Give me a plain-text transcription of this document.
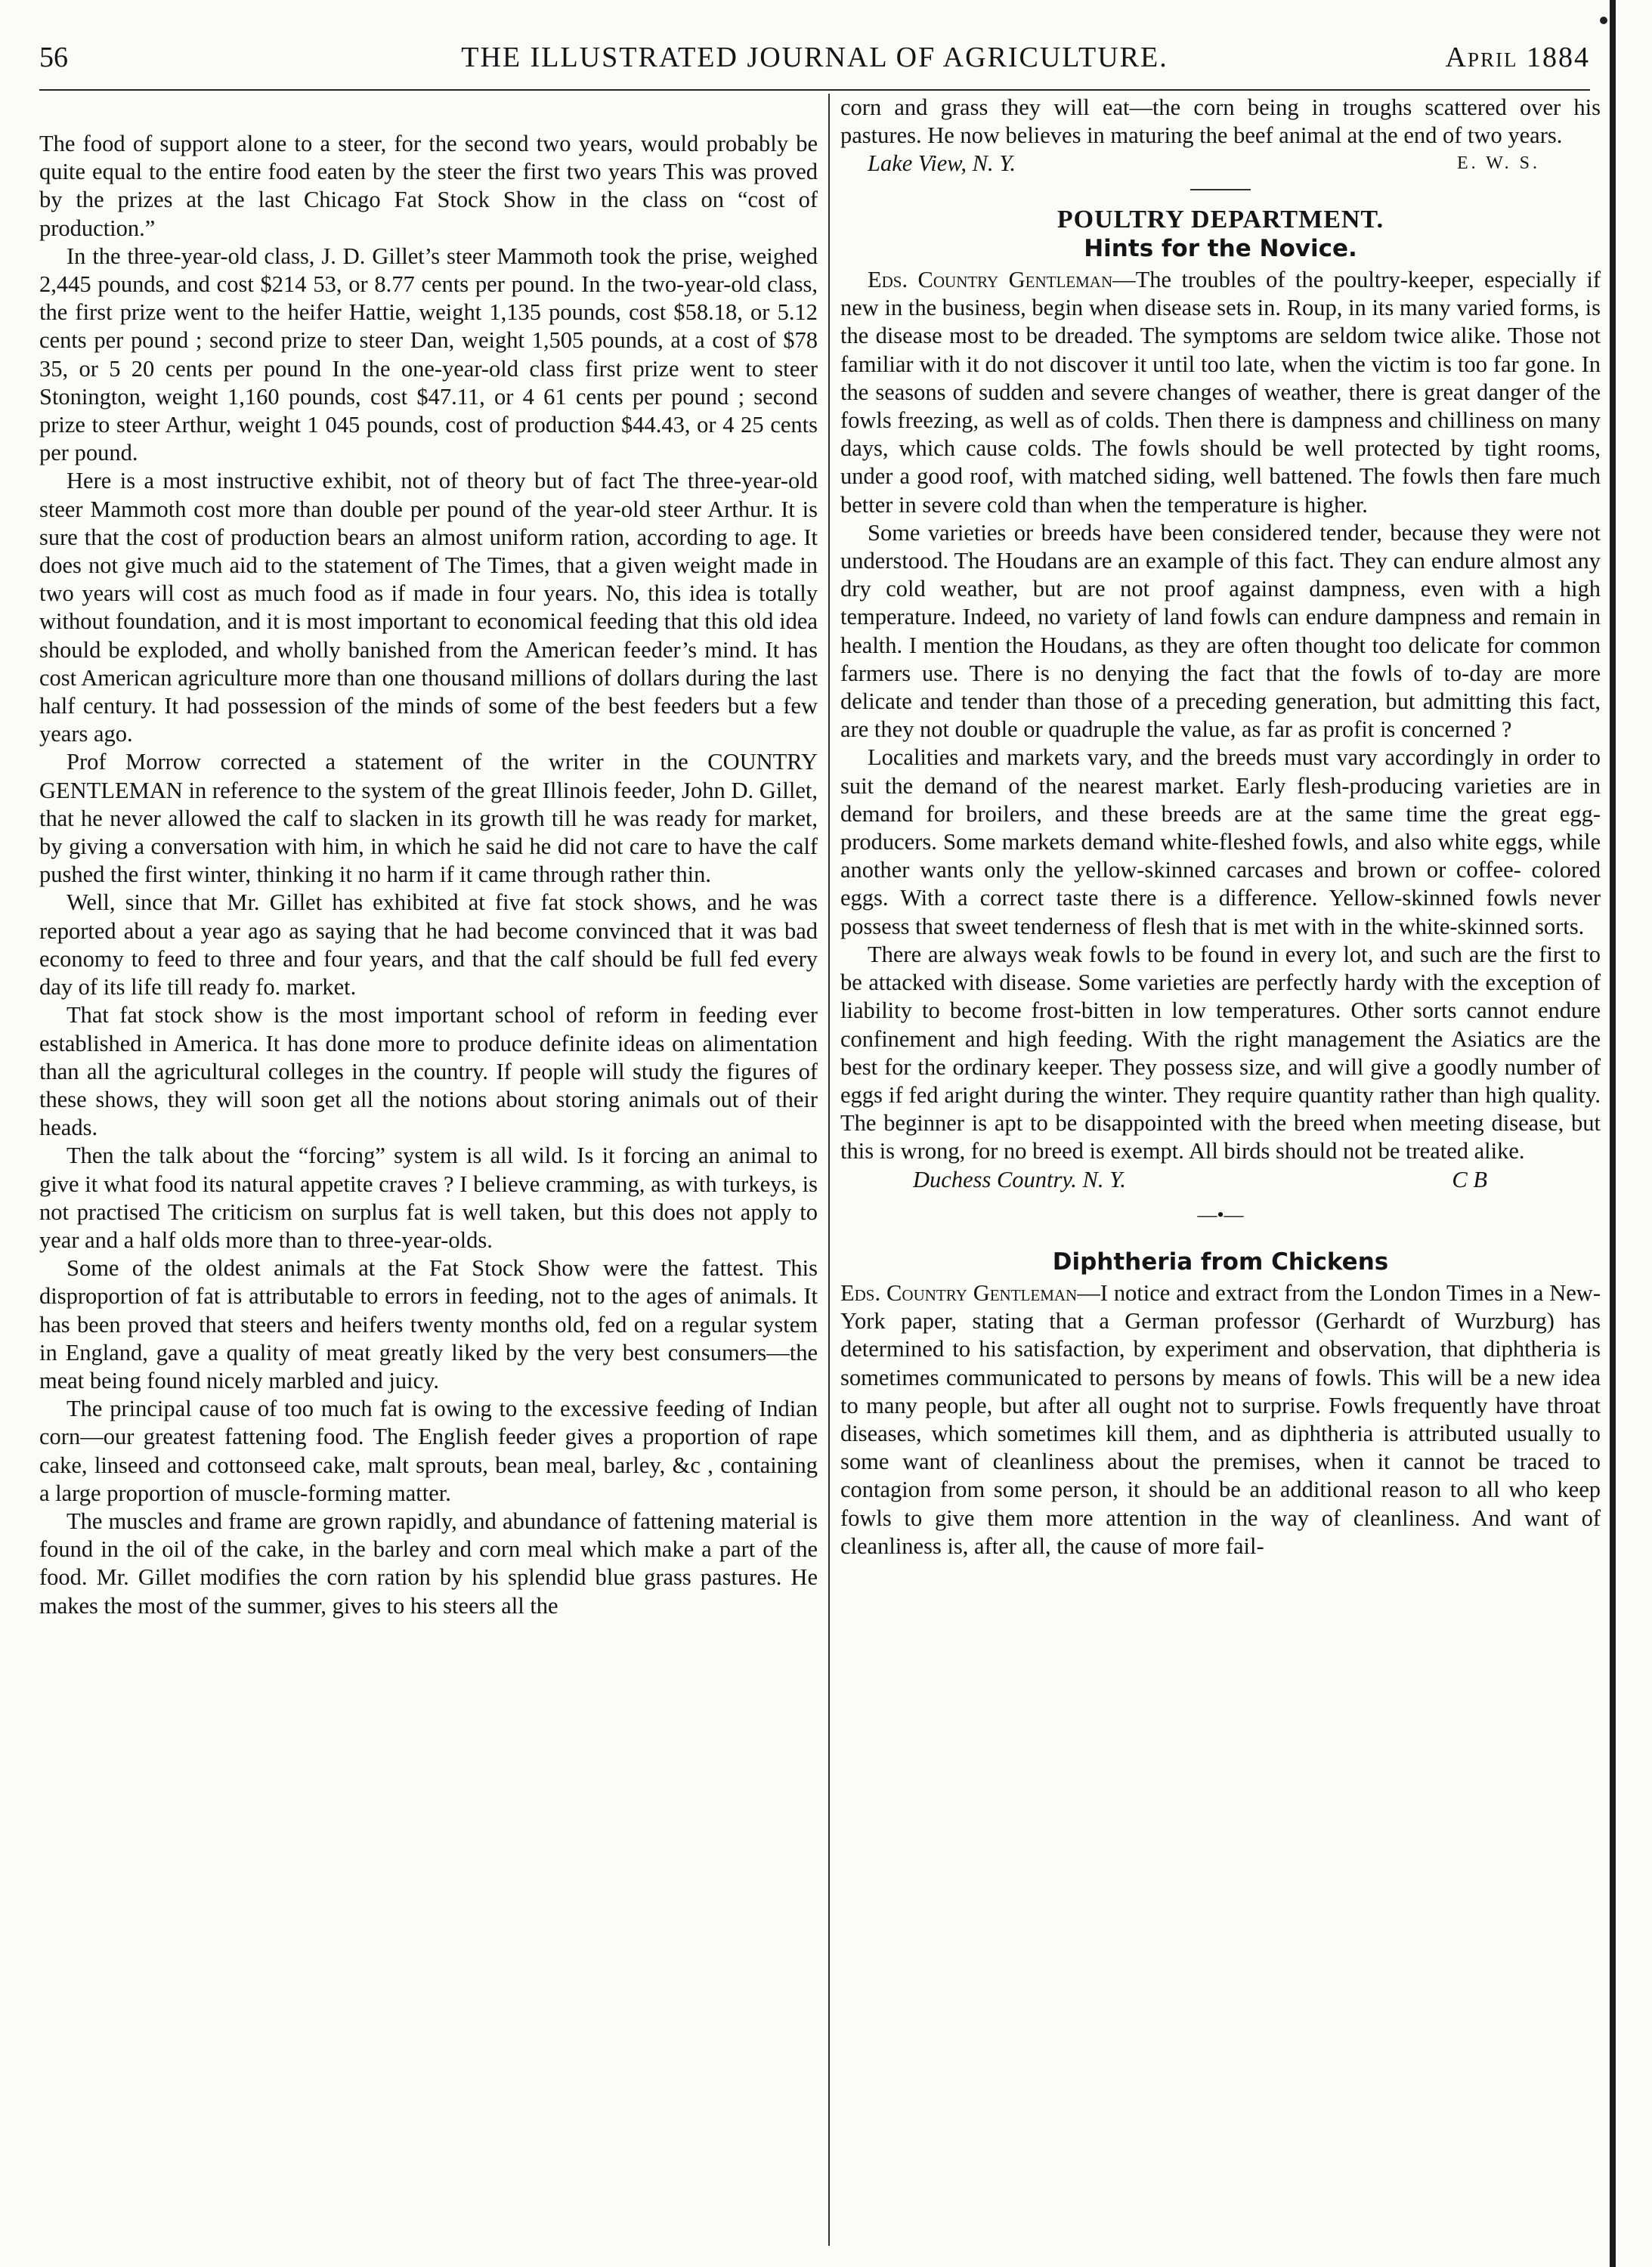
56	THE ILLUSTRATED JOURNAL OF AGRICULTURE.	April 1884

The food of support alone to a steer, for the second two years, would probably be quite equal to the entire food eaten by the steer the first two years This was proved by the prizes at the last Chicago Fat Stock Show in the class on “cost of production.”

In the three-year-old class, J. D. Gillet’s steer Mammoth took the prise, weighed 2,445 pounds, and cost $214 53, or 8.77 cents per pound. In the two-year-old class, the first prize went to the heifer Hattie, weight 1,135 pounds, cost $58.18, or 5.12 cents per pound ; second prize to steer Dan, weight 1,505 pounds, at a cost of $78 35, or 5 20 cents per pound In the one-year-old class first prize went to steer Stonington, weight 1,160 pounds, cost $47.11, or 4 61 cents per pound ; second prize to steer Arthur, weight 1 045 pounds, cost of production $44.43, or 4 25 cents per pound.

Here is a most instructive exhibit, not of theory but of fact The three-year-old steer Mammoth cost more than double per pound of the year-old steer Arthur. It is sure that the cost of production bears an almost uniform ration, according to age. It does not give much aid to the statement of The Times, that a given weight made in two years will cost as much food as if made in four years. No, this idea is totally without foundation, and it is most important to economical feeding that this old idea should be exploded, and wholly banished from the American feeder’s mind. It has cost American agriculture more than one thousand millions of dollars during the last half century. It had possession of the minds of some of the best feeders but a few years ago.

Prof Morrow corrected a statement of the writer in the COUNTRY GENTLEMAN in reference to the system of the great Illinois feeder, John D. Gillet, that he never allowed the calf to slacken in its growth till he was ready for market, by giving a conversation with him, in which he said he did not care to have the calf pushed the first winter, thinking it no harm if it came through rather thin.

Well, since that Mr. Gillet has exhibited at five fat stock shows, and he was reported about a year ago as saying that he had become convinced that it was bad economy to feed to three and four years, and that the calf should be full fed every day of its life till ready fo. market.

That fat stock show is the most important school of reform in feeding ever established in America. It has done more to produce definite ideas on alimentation than all the agricultural colleges in the country. If people will study the figures of these shows, they will soon get all the notions about storing animals out of their heads.

Then the talk about the “forcing” system is all wild. Is it forcing an animal to give it what food its natural appetite craves ? I believe cramming, as with turkeys, is not practised The criticism on surplus fat is well taken, but this does not apply to year and a half olds more than to three-year-olds.

Some of the oldest animals at the Fat Stock Show were the fattest. This disproportion of fat is attributable to errors in feeding, not to the ages of animals. It has been proved that steers and heifers twenty months old, fed on a regular system in England, gave a quality of meat greatly liked by the very best consumers—the meat being found nicely marbled and juicy.

The principal cause of too much fat is owing to the excessive feeding of Indian corn—our greatest fattening food. The English feeder gives a proportion of rape cake, linseed and cottonseed cake, malt sprouts, bean meal, barley, &c , containing a large proportion of muscle-forming matter.

The muscles and frame are grown rapidly, and abundance of fattening material is found in the oil of the cake, in the barley and corn meal which make a part of the food. Mr. Gillet modifies the corn ration by his splendid blue grass pastures. He makes the most of the summer, gives to his steers all the

corn and grass they will eat—the corn being in troughs scattered over his pastures. He now believes in maturing the beef animal at the end of two years.

Lake View, N. Y.	E. W. S.

POULTRY DEPARTMENT.
Hints for the Novice.

Eds. Country Gentleman—The troubles of the poultry-keeper, especially if new in the business, begin when disease sets in. Roup, in its many varied forms, is the disease most to be dreaded. The symptoms are seldom twice alike. Those not familiar with it do not discover it until too late, when the victim is too far gone. In the seasons of sudden and severe changes of weather, there is great danger of the fowls freezing, as well as of colds. Then there is dampness and chilliness on many days, which cause colds. The fowls should be well protected by tight rooms, under a good roof, with matched siding, well battened. The fowls then fare much better in severe cold than when the temperature is higher.

Some varieties or breeds have been considered tender, because they were not understood. The Houdans are an example of this fact. They can endure almost any dry cold weather, but are not proof against dampness, even with a high temperature. Indeed, no variety of land fowls can endure dampness and remain in health. I mention the Houdans, as they are often thought too delicate for common farmers use. There is no denying the fact that the fowls of to-day are more delicate and tender than those of a preceding generation, but admitting this fact, are they not double or quadruple the value, as far as profit is concerned ?

Localities and markets vary, and the breeds must vary accordingly in order to suit the demand of the nearest market. Early flesh-producing varieties are in demand for broilers, and these breeds are at the same time the great egg-producers. Some markets demand white-fleshed fowls, and also white eggs, while another wants only the yellow-skinned carcases and brown or coffee- colored eggs. With a correct taste there is a difference. Yellow-skinned fowls never possess that sweet tenderness of flesh that is met with in the white-skinned sorts.

There are always weak fowls to be found in every lot, and such are the first to be attacked with disease. Some varieties are perfectly hardy with the exception of liability to become frost-bitten in low temperatures. Other sorts cannot endure confinement and high feeding. With the right management the Asiatics are the best for the ordinary keeper. They possess size, and will give a goodly number of eggs if fed aright during the winter. They require quantity rather than high quality. The beginner is apt to be disappointed with the breed when meeting disease, but this is wrong, for no breed is exempt. All birds should not be treated alike.

Duchess Country. N. Y.	C B

—•—
Diphtheria from Chickens

Eds. Country Gentleman—I notice and extract from the London Times in a New-York paper, stating that a German professor (Gerhardt of Wurzburg) has determined to his satisfaction, by experiment and observation, that diphtheria is sometimes communicated to persons by means of fowls. This will be a new idea to many people, but after all ought not to surprise. Fowls frequently have throat diseases, which sometimes kill them, and as diphtheria is attributed usually to some want of cleanliness about the premises, when it cannot be traced to contagion from some person, it should be an additional reason to all who keep fowls to give them more attention in the way of cleanliness. And want of cleanliness is, after all, the cause of more fail-
